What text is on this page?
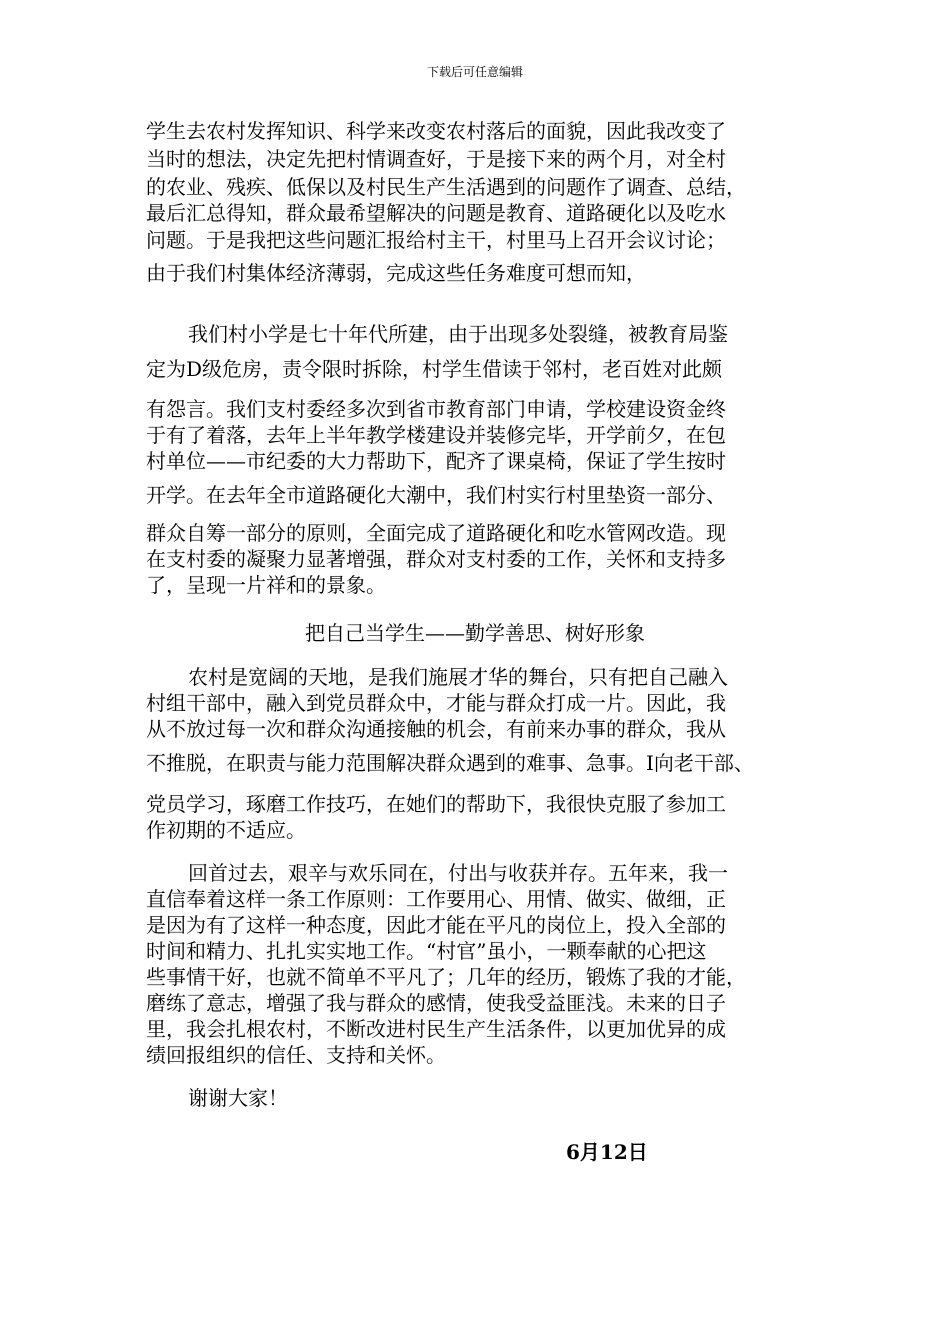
下载后可任意编辑
学生去农村发挥知识、科学来改变农村落后的面貌，因此我改变了
当时的想法，决定先把村情调查好，于是接下来的两个月，对全村
的农业、残疾、低保以及村民生产生活遇到的问题作了调查、总结，
最后汇总得知，群众最希望解决的问题是教育、道路硬化以及吃水
问题。于是我把这些问题汇报给村主干，村里马上召开会议讨论；
由于我们村集体经济薄弱，完成这些任务难度可想而知，
我们村小学是七十年代所建，由于出现多处裂缝，被教育局鉴
定为D级危房，责令限时拆除，村学生借读于邻村，老百姓对此颇
有怨言。我们支村委经多次到省市教育部门申请，学校建设资金终
于有了着落，去年上半年教学楼建设并装修完毕，开学前夕，在包
村单位——市纪委的大力帮助下，配齐了课桌椅，保证了学生按时
开学。在去年全市道路硬化大潮中，我们村实行村里垫资一部分、
群众自筹一部分的原则，全面完成了道路硬化和吃水管网改造。现
在支村委的凝聚力显著增强，群众对支村委的工作，关怀和支持多
了，呈现一片祥和的景象。
把自己当学生——勤学善思、树好形象
农村是宽阔的天地，是我们施展才华的舞台，只有把自己融入
村组干部中，融入到党员群众中，才能与群众打成一片。因此，我
从不放过每一次和群众沟通接触的机会，有前来办事的群众，我从
不推脱，在职责与能力范围解决群众遇到的难事、急事。I向老干部、
党员学习，琢磨工作技巧，在她们的帮助下，我很快克服了参加工
作初期的不适应。
回首过去，艰辛与欢乐同在，付出与收获并存。五年来，我一
直信奉着这样一条工作原则：工作要用心、用情、做实、做细，正
是因为有了这样一种态度，因此才能在平凡的岗位上，投入全部的
时间和精力、扎扎实实地工作。“村官”虽小，一颗奉献的心把这
些事情干好，也就不简单不平凡了；几年的经历，锻炼了我的才能，
磨练了意志，增强了我与群众的感情，使我受益匪浅。未来的日子
里，我会扎根农村，不断改进村民生产生活条件，以更加优异的成
绩回报组织的信任、支持和关怀。
谢谢大家！
6月12日
